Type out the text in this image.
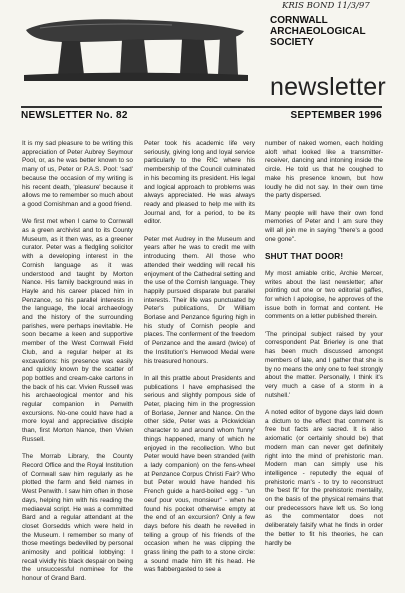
KRIS BOND 11/3/97
CORNWALL
ARCHAEOLOGICAL
SOCIETY
newsletter
NEWSLETTER No. 82	SEPTEMBER 1996

It is my sad pleasure to be writing this appreciation of Peter Aubrey Seymour Pool, or, as he was better known to so many of us, Peter or P.A.S. Pool: 'sad' because the occasion of my writing is his recent death, 'pleasure' because it allows me to remember so much about a good Cornishman and a good friend.

We first met when I came to Cornwall as a green archivist and to its County Museum, as it then was, as a greener curator. Peter was a fledgling solicitor with a developing interest in the Cornish language as it was understood and taught by Morton Nance. His family background was in Hayle and his career placed him in Penzance, so his parallel interests in the language, the local archaeology and the history of the surrounding parishes, were perhaps inevitable. He soon became a keen and supportive member of the West Cornwall Field Club, and a regular helper at its excavations: his presence was easily and quickly known by the scatter of pop bottles and cream-cake cartons in the back of his car. Vivien Russell was his archaeological mentor and his regular companion in Penwith excursions. No-one could have had a more loyal and appreciative disciple than, first Morton Nance, then Vivien Russell.

The Morrab Library, the County Record Office and the Royal Institution of Cornwall saw him regularly as he plotted the farm and field names in West Penwith. I saw him often in those days, helping him with his reading the mediaeval script. He was a committed Bard and a regular attendant at the closet Gorsedds which were held in the Museum. I remember so many of those meetings bedevilled by personal animosity and political lobbying: I recall vividly his black despair on being the unsuccessful nominee for the honour of Grand Bard.

Peter took his academic life very seriously, giving long and loyal service particularly to the RIC where his membership of the Council culminated in his becoming its president. His legal and logical approach to problems was always appreciated. He was always ready and pleased to help me with its Journal and, for a period, to be its editor.

Peter met Audrey in the Museum and years after he was to credit me with introducing them. All those who attended their wedding will recall his enjoyment of the Cathedral setting and the use of the Cornish language. They happily pursued disparate but parallel interests. Their life was punctuated by Peter's publications, Dr William Borlase and Penzance figuring high in his study of Cornish people and places. The conferment of the freedom of Penzance and the award (twice) of the Institution's Henwood Medal were his treasured honours.

In all this prattle about Presidents and publications I have emphasised the serious and slightly pompous side of Peter, placing him in the progression of Borlase, Jenner and Nance. On the other side, Peter was a Pickwickian character to and around whom 'funny' things happened, many of which he enjoyed in the recollection. Who but Peter would have been stranded (with a lady companion) on the fens-wheel at Penzance Corpus Christi Fair? Who but Peter would have handed his French guide a hard-boiled egg - "un oeuf pour vous, monsieur" - when he found his pocket otherwise empty at the end of an excursion? Only a few days before his death he revelled in telling a group of his friends of the occasion when he was clipping the grass lining the path to a stone circle: a sound made him lift his head. He was flabbergasted to see a

number of naked women, each holding aloft what looked like a transmitter-receiver, dancing and intoning inside the circle. He told us that he coughed to make his presence known, but how loudly he did not say. In their own time the party dispersed.

Many people will have their own fond memories of Peter and I am sure they will all join me in saying "there's a good one gone".

SHUT THAT DOOR!

My most amiable critic, Archie Mercer, writes about the last newsletter; after pointing out one or two editorial gaffes, for which I apologise, he approves of the issue both in format and content. He comments on a letter published therein.

'The principal subject raised by your correspondent Pat Brierley is one that has been much discussed amongst members of late, and I gather that she is by no means the only one to feel strongly about the matter. Personally, I think it's very much a case of a storm in a nutshell.'

A noted editor of bygone days laid down a dictum to the effect that comment is free but facts are sacred. It is also axiomatic (or certainly should be) that modern man can never get definitely right into the mind of prehistoric man. Modern man can simply use his intelligence - reputedly the equal of prehistoric man's - to try to reconstruct the 'best fit' for the prehistoric mentality, on the basis of the physical remains that our predecessors have left us. So long as the commentator does not deliberately falsify what he finds in order the better to fit his theories, he can hardly be
